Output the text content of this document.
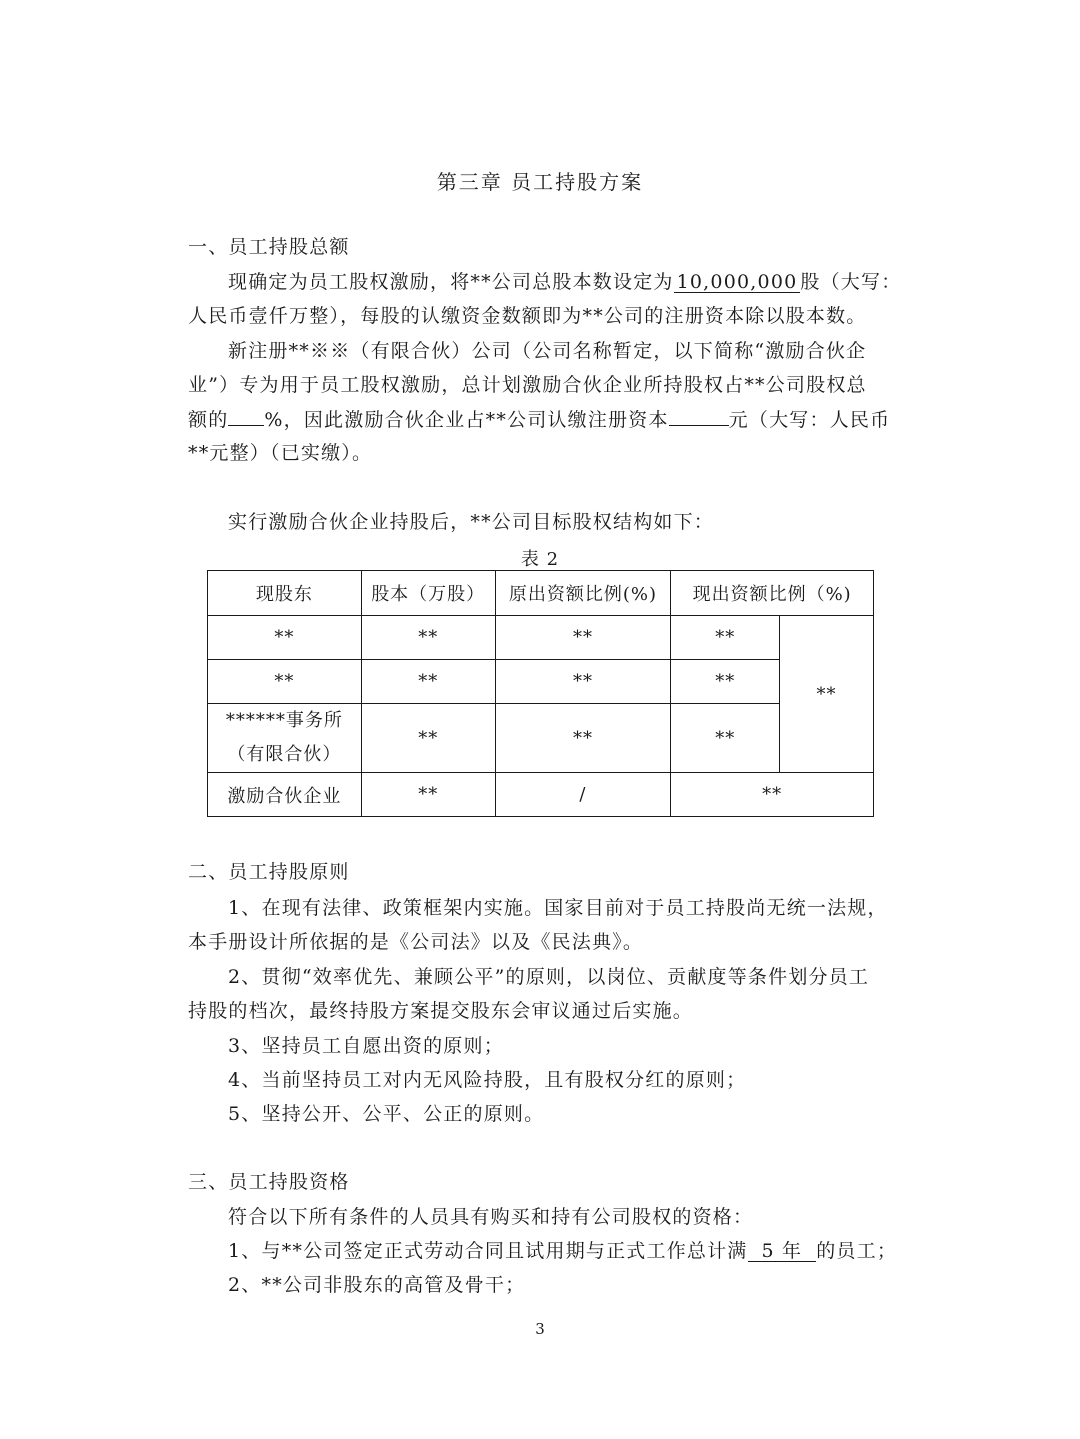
第三章 员工持股方案
一、员工持股总额
现确定为员工股权激励，将**公司总股本数设定为 10,000,000 股（大写：
人民币壹仟万整），每股的认缴资金数额即为**公司的注册资本除以股本数。
新注册**※※（有限合伙）公司（公司名称暂定，以下简称“激励合伙企
业”）专为用于员工股权激励，总计划激励合伙企业所持股权占**公司股权总
额的 %，因此激励合伙企业占**公司认缴注册资本	元（大写：人民币
**元整）（已实缴）。
实行激励合伙企业持股后，**公司目标股权结构如下：
表 2
现股东	股本（万股）	原出资额比例(%)	现出资额比例（%)	
**	**	**	**	**
**	**	**	**	

******事务所
（有限合伙）	**	**	**	
激励合伙企业	**	/	**	
二、员工持股原则
1、在现有法律、政策框架内实施。国家目前对于员工持股尚无统一法规，
本手册设计所依据的是《公司法》以及《民法典》。
2、贯彻“效率优先、兼顾公平”的原则，以岗位、贡献度等条件划分员工
持股的档次，最终持股方案提交股东会审议通过后实施。
3、坚持员工自愿出资的原则；
4、当前坚持员工对内无风险持股，且有股权分红的原则；
5、坚持公开、公平、公正的原则。
三、员工持股资格
符合以下所有条件的人员具有购买和持有公司股权的资格：
1、与**公司签定正式劳动合同且试用期与正式工作总计满 5 年 的员工；
2、**公司非股东的高管及骨干；
3
